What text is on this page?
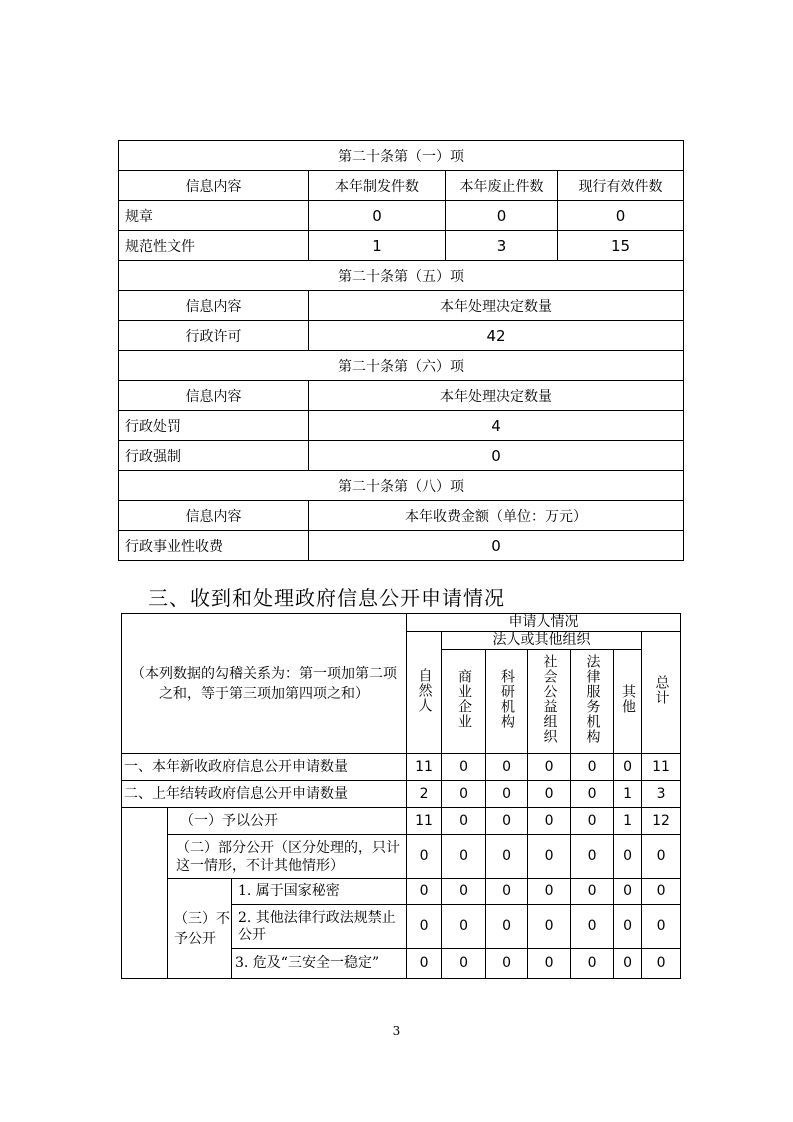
第二十条第（一）项			
信息内容	本年制发件数	本年废止件数	现行有效件数
规章	0	0	0
规范性文件	1	3	15
第二十条第（五）项			
信息内容	本年处理决定数量		
行政许可	42		
第二十条第（六）项			
信息内容	本年处理决定数量		
行政处罚	4		
行政强制	0		
第二十条第（八）项			
信息内容	本年收费金额（单位：万元）		
行政事业性收费	0		
三、收到和处理政府信息公开申请情况
（本列数据的勾稽关系为：第一项加第二项之和，等于第三项加第四项之和）			申请人情况						
			自然人	法人或其他组织					总计
				商业企业	科研机构	社会公益组织	法律服务机构	其他	
一、本年新收政府信息公开申请数量			11	0	0	0	0	0	11
二、上年结转政府信息公开申请数量			2	0	0	0	0	1	3
	（一）予以公开		11	0	0	0	0	1	12
	（二）部分公开（区分处理的，只计这一情形，不计其他情形）		0	0	0	0	0	0	0
	（三）不予公开	1. 属于国家秘密	0	0	0	0	0	0	0
		2. 其他法律行政法规禁止公开	0	0	0	0	0	0	0
		3. 危及“三安全一稳定”	0	0	0	0	0	0	0
3
